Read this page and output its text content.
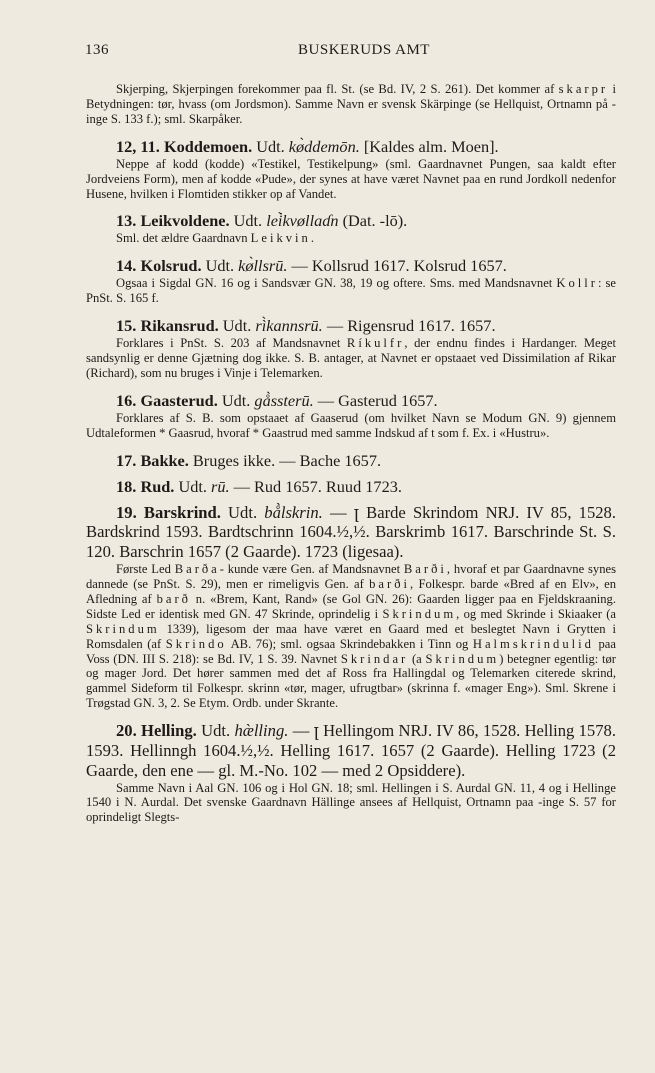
136	BUSKERUDS AMT

Skjerping, Skjerpingen forekommer paa fl. St. (se Bd. IV, 2 S. 261). Det kommer af skarpr i Betydningen: tør, hvass (om Jordsmon). Samme Navn er svensk Skärpinge (se Hellquist, Ortnamn på -inge S. 133 f.); sml. Skarpåker.

12, 11. Koddemoen. Udt. kø̀ddemōn. [Kaldes alm. Moen].

Neppe af kodd (kodde) «Testikel, Testikelpung» (sml. Gaardnavnet Pungen, saa kaldt efter Jordveiens Form), men af kodde «Pude», der synes at have været Navnet paa en rund Jordkoll nedenfor Husene, hvilken i Flomtiden stikker op af Vandet.

13. Leikvoldene. Udt. lei̇̀kvøllaɗn (Dat. -lō).

Sml. det ældre Gaardnavn Leikvin.

14. Kolsrud. Udt. kø̀llsrū. — Kollsrud 1617. Kolsrud 1657.

Ogsaa i Sigdal GN. 16 og i Sandsvær GN. 38, 19 og oftere. Sms. med Mandsnavnet Kollr: se PnSt. S. 165 f.

15. Rikansrud. Udt. rì̀kannsrū. — Rigensrud 1617. 1657.

Forklares i PnSt. S. 203 af Mandsnavnet Ríkulfr, der endnu findes i Hardanger. Meget sandsynlig er denne Gjætning dog ikke. S. B. antager, at Navnet er opstaaet ved Dissimilation af Rikar (Richard), som nu bruges i Vinje i Telemarken.

16. Gaasterud. Udt. gå̀ssterū. — Gasterud 1657.

Forklares af S. B. som opstaaet af Gaaserud (om hvilket Navn se Modum GN. 9) gjennem Udtaleformen * Gaasrud, hvoraf * Gaastrud med samme Indskud af t som f. Ex. i «Hustru».

17. Bakke. Bruges ikke. — Bache 1657.

18. Rud. Udt. rū. — Rud 1657. Ruud 1723.

19. Barskrind. Udt. bå̀lskrin. — ꞁ Barde Skrindom NRJ. IV 85, 1528. Bardskrind 1593. Bardtschrinn 1604.½,½. Barskrimb 1617. Barschrinde St. S. 120. Barschrin 1657 (2 Gaarde). 1723 (ligesaa).

Første Led Barða- kunde være Gen. af Mandsnavnet Barði, hvoraf et par Gaardnavne synes dannede (se PnSt. S. 29), men er rimeligvis Gen. af barði, Folkespr. barde «Bred af en Elv», en Afledning af barð n. «Brem, Kant, Rand» (se Gol GN. 26): Gaarden ligger paa en Fjeldskraaning. Sidste Led er identisk med GN. 47 Skrinde, oprindelig i Skrindum, og med Skrinde i Skiaaker (a Skrindum 1339), ligesom der maa have været en Gaard med et beslegtet Navn i Grytten i Romsdalen (af Skrindo AB. 76); sml. ogsaa Skrindebakken i Tinn og Halmskrindulid paa Voss (DN. III S. 218): se Bd. IV, 1 S. 39. Navnet Skrindar (a Skrindum) betegner egentlig: tør og mager Jord. Det hører sammen med det af Ross fra Hallingdal og Telemarken citerede skrind, gammel Sideform til Folkespr. skrinn «tør, mager, ufrugtbar» (skrinna f. «mager Eng»). Sml. Skrene i Trøgstad GN. 3, 2. Se Etym. Ordb. under Skrante.

20. Helling. Udt. hæ̀lling. — ꞁ Hellingom NRJ. IV 86, 1528. Helling 1578. 1593. Hellinngh 1604.½,½. Helling 1617. 1657 (2 Gaarde). Helling 1723 (2 Gaarde, den ene — gl. M.-No. 102 — med 2 Opsiddere).

Samme Navn i Aal GN. 106 og i Hol GN. 18; sml. Hellingen i S. Aurdal GN. 11, 4 og i Hellinge 1540 i N. Aurdal. Det svenske Gaardnavn Hällinge ansees af Hellquist, Ortnamn paa -inge S. 57 for oprindeligt Slegts-
